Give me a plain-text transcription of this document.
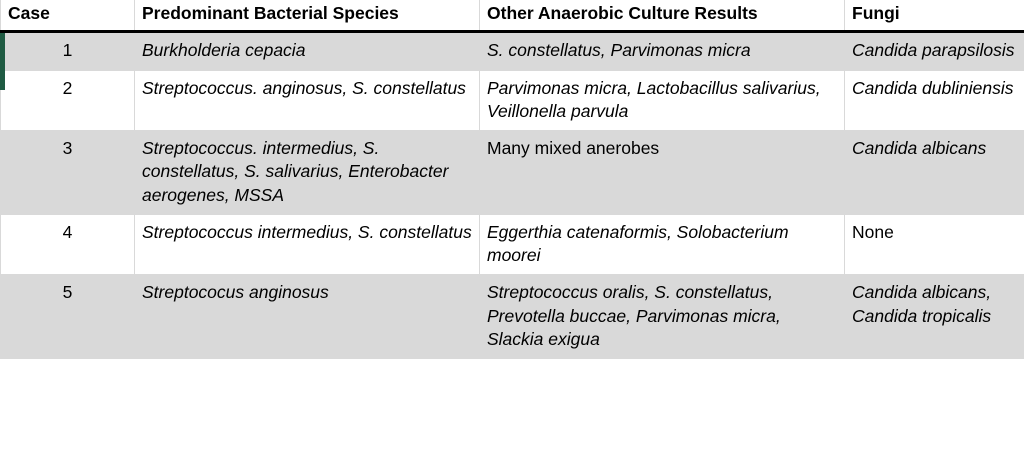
Case	Predominant Bacterial Species	Other Anaerobic Culture Results	Fungi
1	Burkholderia cepacia	S. constellatus, Parvimonas micra	Candida parapsilosis
2	Streptococcus. anginosus, S. constellatus	Parvimonas micra, Lactobacillus salivarius, Veillonella parvula	Candida dubliniensis
3	Streptococcus. intermedius, S. constellatus, S. salivarius, Enterobacter aerogenes, MSSA	Many mixed anerobes	Candida albicans
4	Streptococcus intermedius, S. constellatus	Eggerthia catenaformis, Solobacterium moorei	None
5	Streptococus anginosus	Streptococcus oralis, S. constellatus, Prevotella buccae, Parvimonas micra, Slackia exigua	Candida albicans, Candida tropicalis
